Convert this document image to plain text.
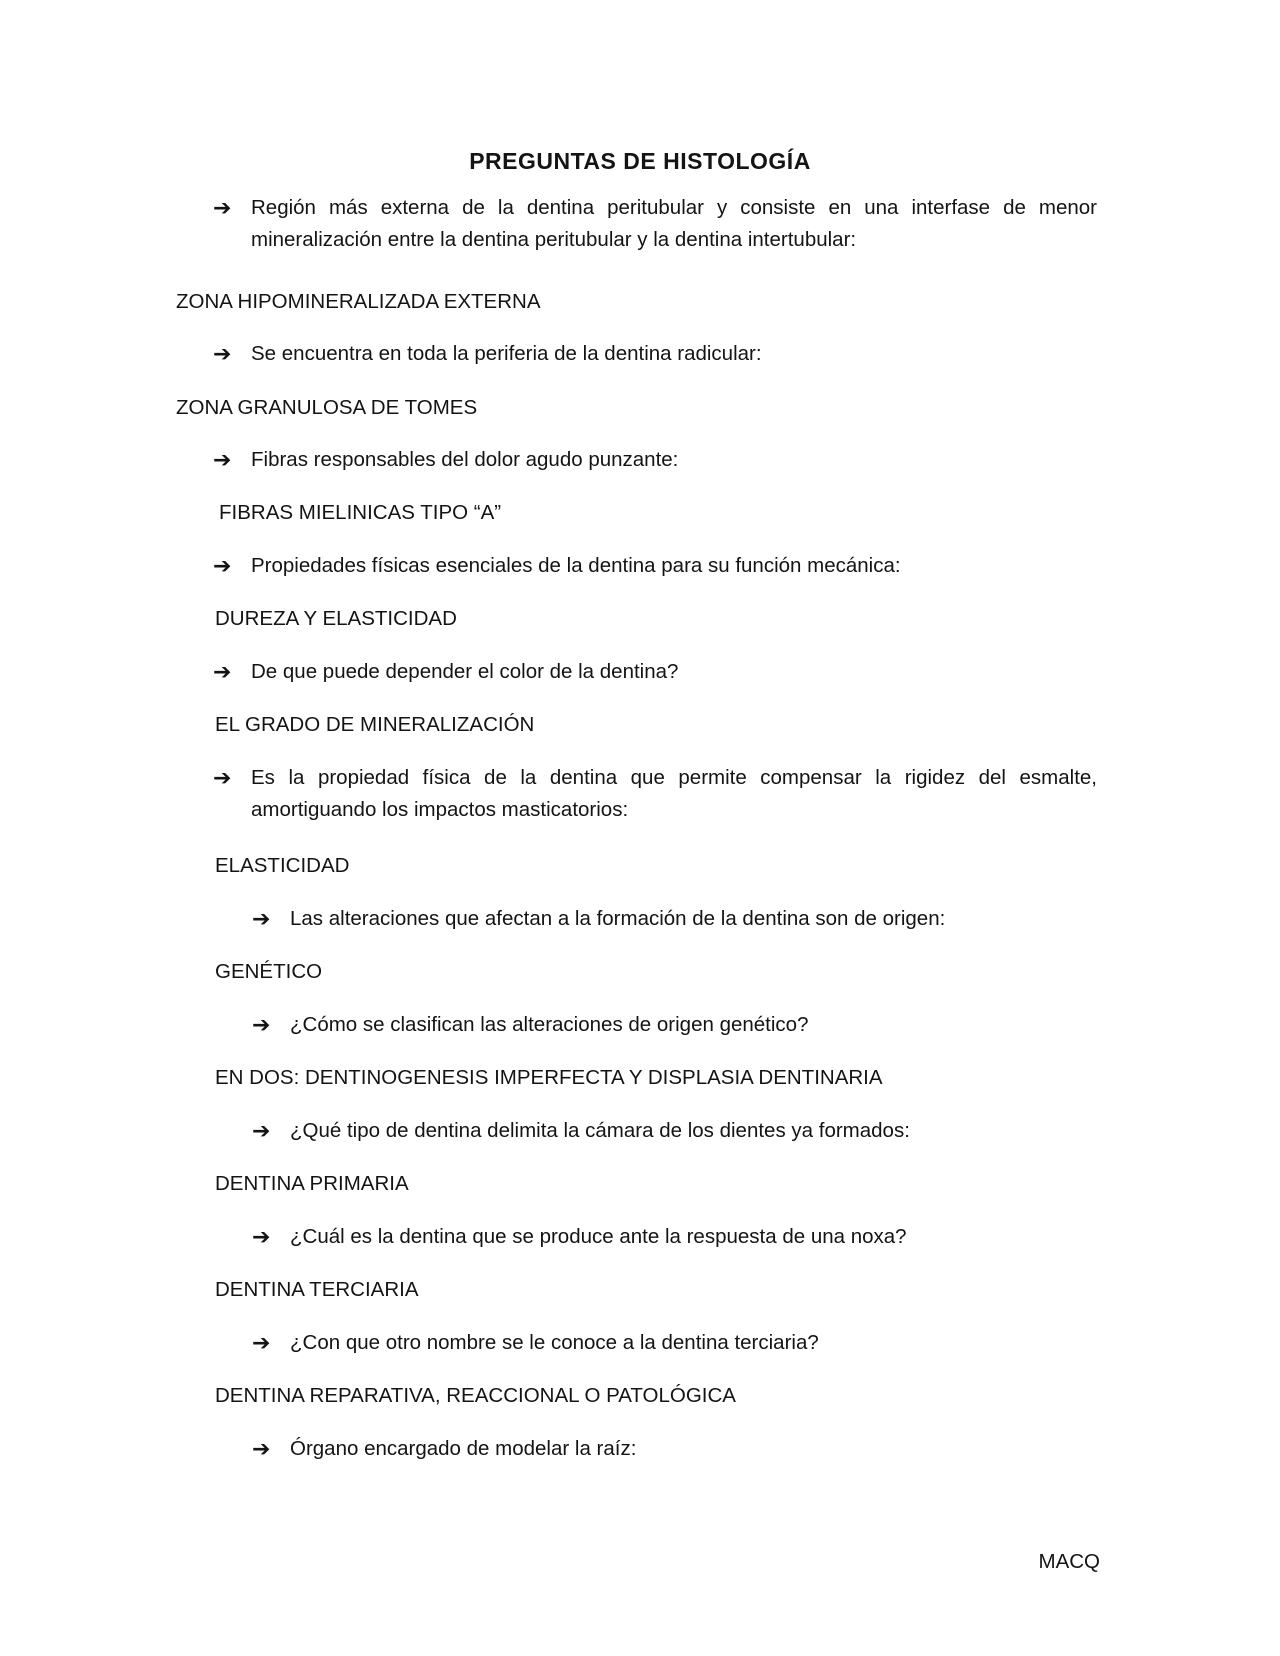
PREGUNTAS DE HISTOLOGÍA
➔ Región más externa de la dentina peritubular y consiste en una interfase de menor mineralización entre la dentina peritubular y la dentina intertubular:
ZONA HIPOMINERALIZADA EXTERNA
➔ Se encuentra en toda la periferia de la dentina radicular:
ZONA GRANULOSA DE TOMES
➔ Fibras responsables del dolor agudo punzante:
FIBRAS MIELINICAS TIPO “A”
➔ Propiedades físicas esenciales de la dentina para su función mecánica:
DUREZA Y ELASTICIDAD
➔ De que puede depender el color de la dentina?
EL GRADO DE MINERALIZACIÓN
➔ Es la propiedad física de la dentina que permite compensar la rigidez del esmalte, amortiguando los impactos masticatorios:
ELASTICIDAD
➔ Las alteraciones que afectan a la formación de la dentina son de origen:
GENÉTICO
➔ ¿Cómo se clasifican las alteraciones de origen genético?
EN DOS: DENTINOGENESIS IMPERFECTA Y DISPLASIA DENTINARIA
➔ ¿Qué tipo de dentina delimita la cámara de los dientes ya formados:
DENTINA PRIMARIA
➔ ¿Cuál es la dentina que se produce ante la respuesta de una noxa?
DENTINA TERCIARIA
➔ ¿Con que otro nombre se le conoce a la dentina terciaria?
DENTINA REPARATIVA, REACCIONAL O PATOLÓGICA
➔ Órgano encargado de modelar la raíz:
MACQ
